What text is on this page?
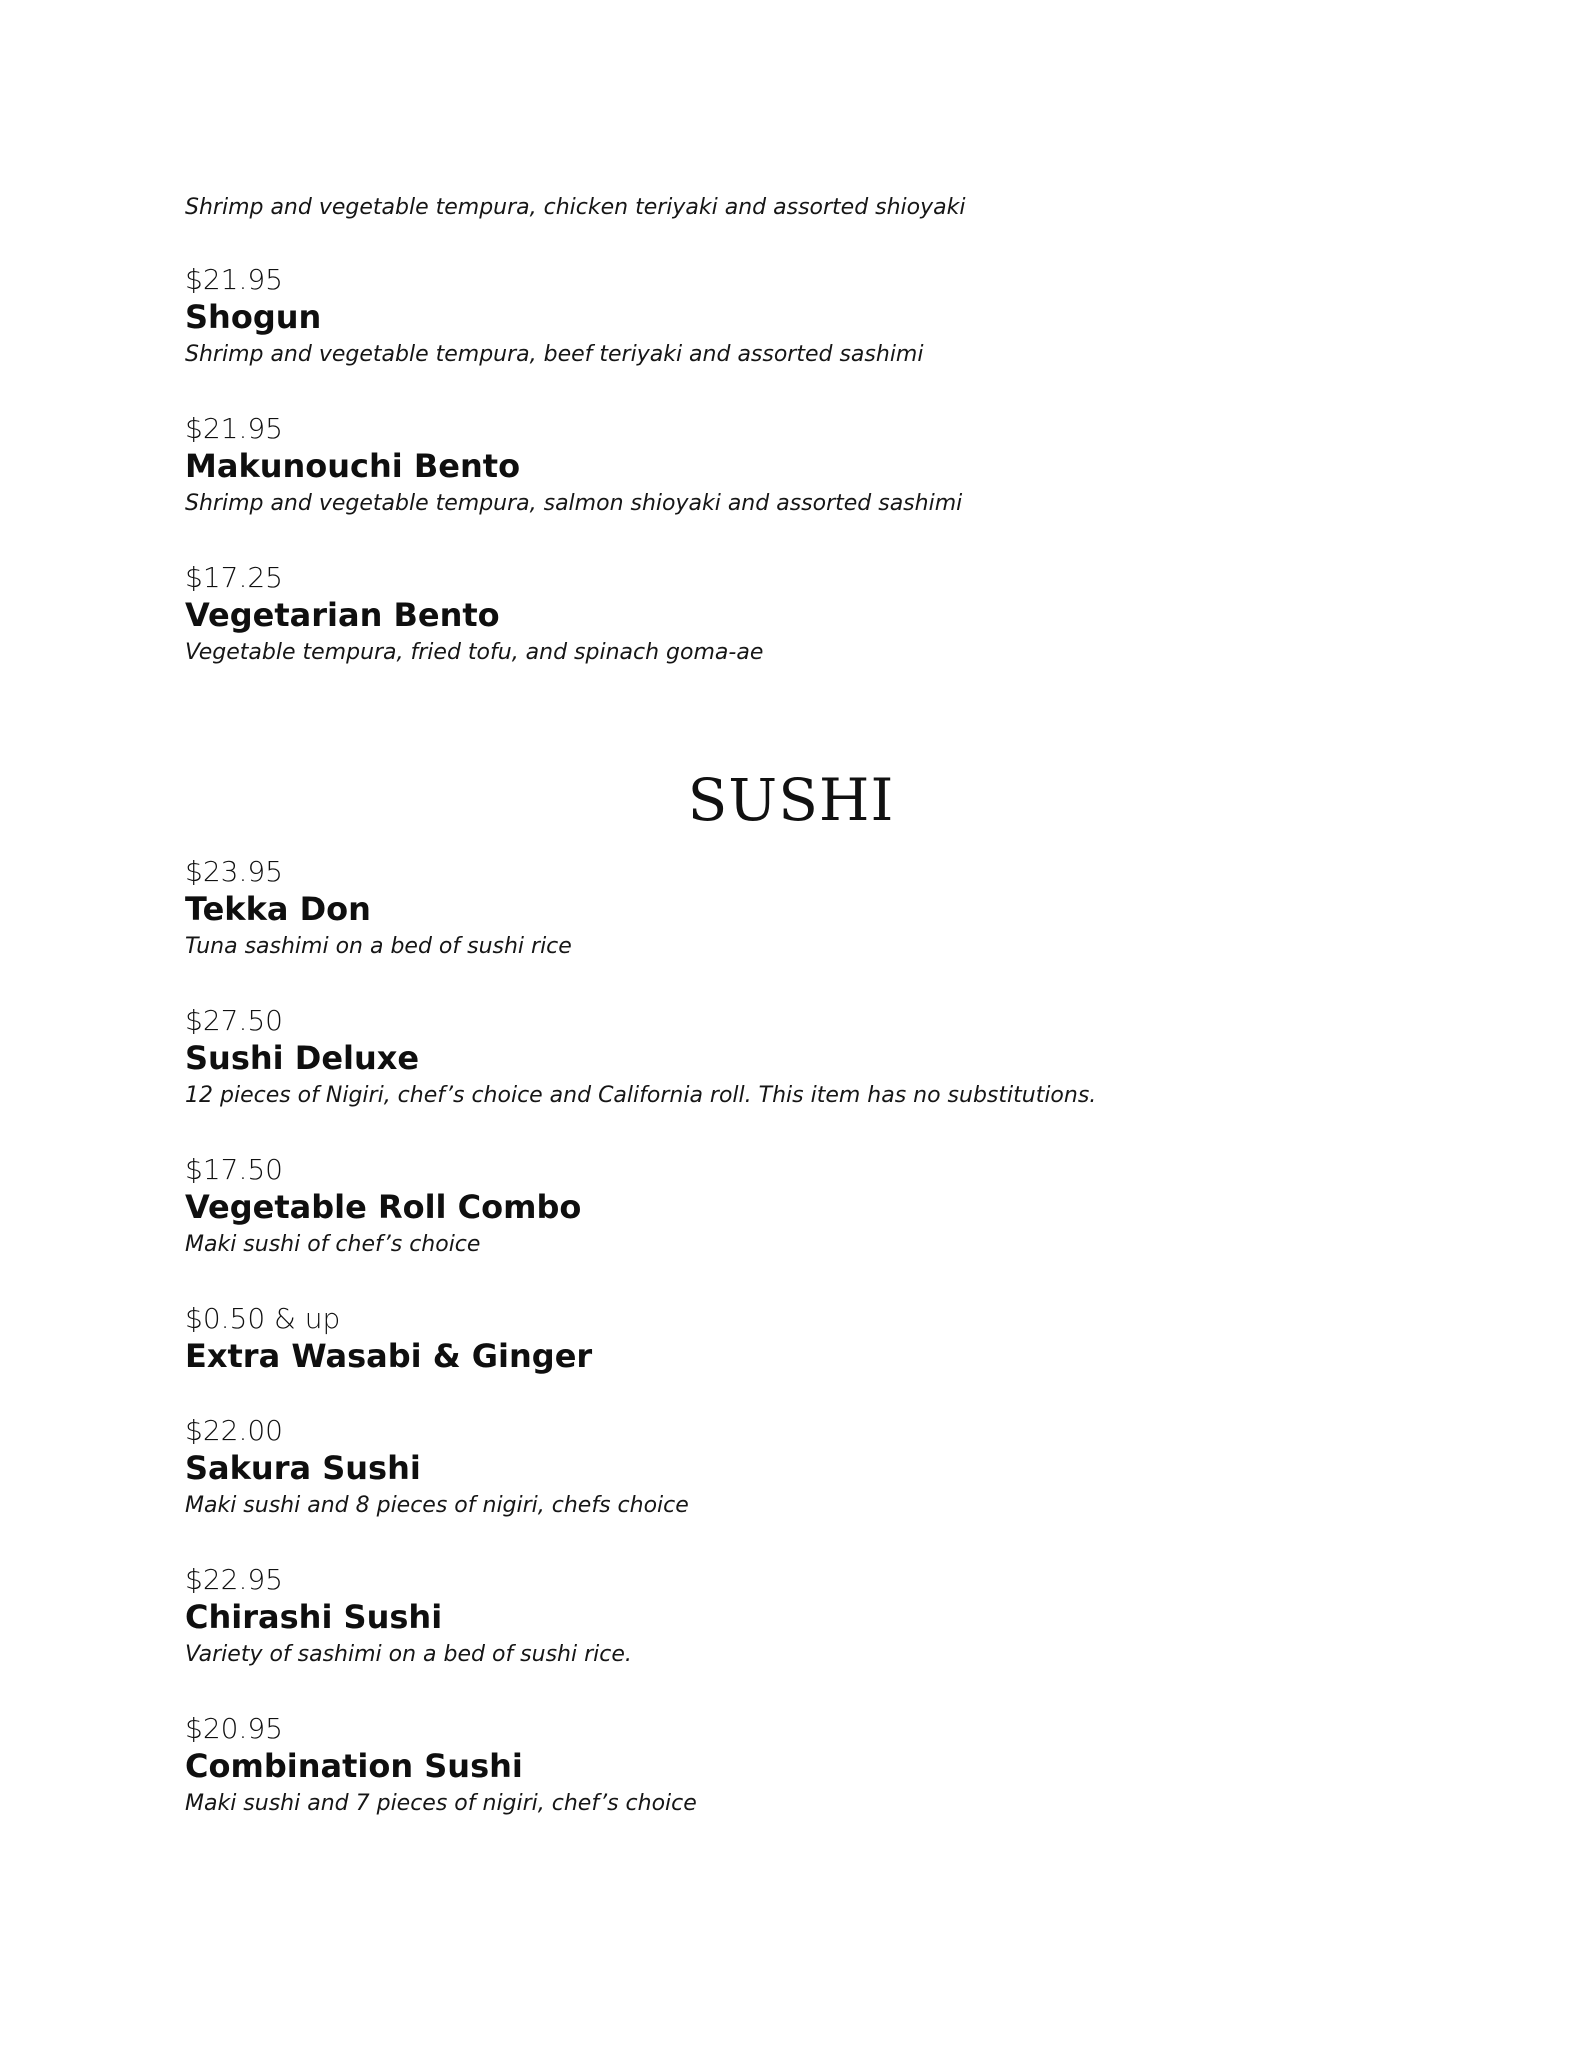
Shrimp and vegetable tempura, chicken teriyaki and assorted shioyaki
$21.95
Shogun
Shrimp and vegetable tempura, beef teriyaki and assorted sashimi
$21.95
Makunouchi Bento
Shrimp and vegetable tempura, salmon shioyaki and assorted sashimi
$17.25
Vegetarian Bento
Vegetable tempura, fried tofu, and spinach goma-ae
SUSHI
$23.95
Tekka Don
Tuna sashimi on a bed of sushi rice
$27.50
Sushi Deluxe
12 pieces of Nigiri, chef’s choice and California roll. This item has no substitutions.
$17.50
Vegetable Roll Combo
Maki sushi of chef’s choice
$0.50 & up
Extra Wasabi & Ginger
$22.00
Sakura Sushi
Maki sushi and 8 pieces of nigiri, chefs choice
$22.95
Chirashi Sushi
Variety of sashimi on a bed of sushi rice.
$20.95
Combination Sushi
Maki sushi and 7 pieces of nigiri, chef’s choice
